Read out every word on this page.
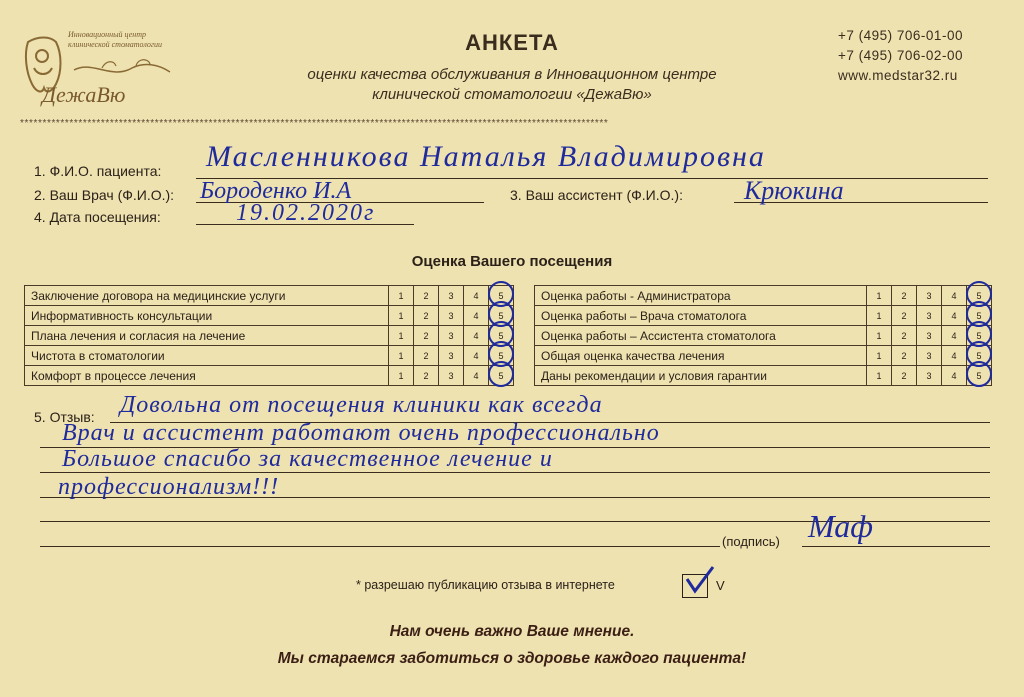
Инновационный центр
клинической стоматологии
ДежаВю
АНКЕТА
оценки качества обслуживания в Инновационном центре
клинической стоматологии «ДежаВю»
+7 (495) 706-01-00
+7 (495) 706-02-00
www.medstar32.ru
***********************************************************************************************************************************
1. Ф.И.О. пациента: Масленникова Наталья Владимировна
2. Ваш Врач (Ф.И.О.): Бороденко И.А	3. Ваш ассистент (Ф.И.О.): Крюкина
4. Дата посещения:	19.02.2020г
Оценка Вашего посещения
Заключение договора на медицинские услуги	1	2	3	4	5

Информативность консультации	1	2	3	4	5

Плана лечения и согласия на лечение	1	2	3	4	5

Чистота в стоматологии	1	2	3	4	5

Комфорт в процессе лечения	1	2	3	4	5
Оценка работы - Администратора	1	2	3	4	5

Оценка работы – Врача стоматолога	1	2	3	4	5

Оценка работы – Ассистента стоматолога	1	2	3	4	5

Общая оценка качества лечения	1	2	3	4	5

Даны рекомендации и условия гарантии	1	2	3	4	5
5. Отзыв: Довольна от посещения клиники как всегда
Врач и ассистент работают очень профессионально
Большое спасибо за качественное лечение и
профессионализм!!!
(подпись) Маф
* разрешаю публикацию отзыва в интернете	V
Нам очень важно Ваше мнение.
Мы стараемся заботиться о здоровье каждого пациента!
